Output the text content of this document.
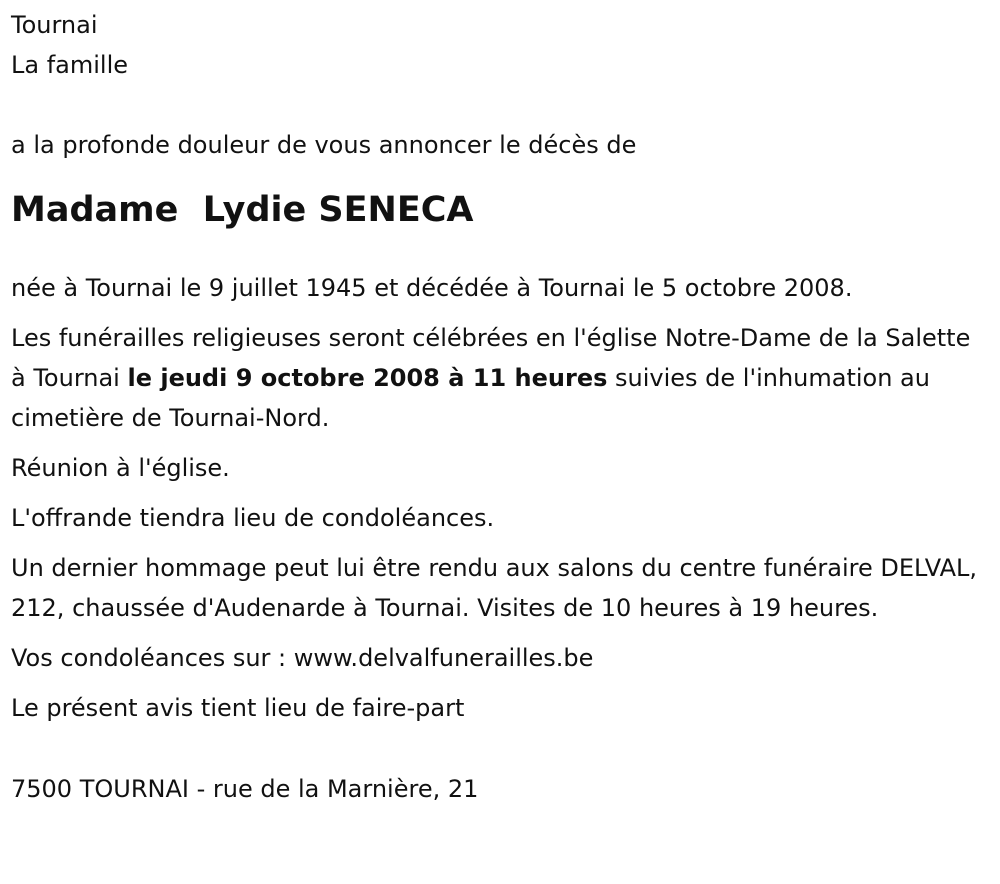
Tournai
La famille
a la profonde douleur de vous annoncer le décès de
Madame  Lydie SENECA
née à Tournai le 9 juillet 1945 et décédée à Tournai le 5 octobre 2008.
Les funérailles religieuses seront célébrées en l'église Notre-Dame de la Salette à Tournai le jeudi 9 octobre 2008 à 11 heures suivies de l'inhumation au cimetière de Tournai-Nord.
Réunion à l'église.
L'offrande tiendra lieu de condoléances.
Un dernier hommage peut lui être rendu aux salons du centre funéraire DELVAL, 212, chaussée d'Audenarde à Tournai. Visites de 10 heures à 19 heures.
Vos condoléances sur : www.delvalfunerailles.be
Le présent avis tient lieu de faire-part
7500 TOURNAI - rue de la Marnière, 21
